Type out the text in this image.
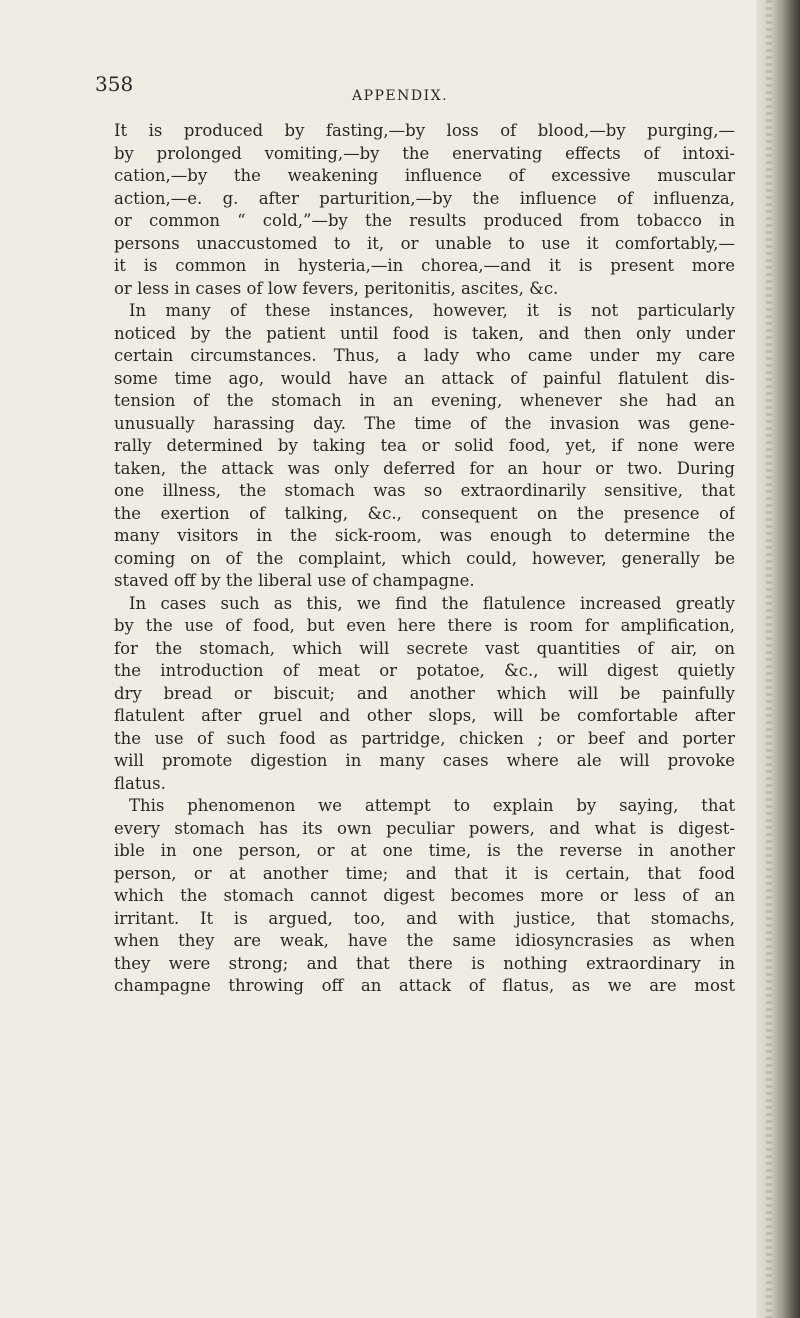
358	APPENDIX.
It is produced by fasting,—by loss of blood,—by purging,—
by prolonged vomiting,—by the enervating effects of intoxi-
cation,—by the weakening influence of excessive muscular
action,—e. g. after parturition,—by the influence of influenza,
or common “ cold,”—by the results produced from tobacco in
persons unaccustomed to it, or unable to use it comfortably,—
it is common in hysteria,—in chorea,—and it is present more
or less in cases of low fevers, peritonitis, ascites, &c.
In many of these instances, however, it is not particularly
noticed by the patient until food is taken, and then only under
certain circumstances. Thus, a lady who came under my care
some time ago, would have an attack of painful flatulent dis-
tension of the stomach in an evening, whenever she had an
unusually harassing day. The time of the invasion was gene-
rally determined by taking tea or solid food, yet, if none were
taken, the attack was only deferred for an hour or two. During
one illness, the stomach was so extraordinarily sensitive, that
the exertion of talking, &c., consequent on the presence of
many visitors in the sick-room, was enough to determine the
coming on of the complaint, which could, however, generally be
staved off by the liberal use of champagne.
In cases such as this, we find the flatulence increased greatly
by the use of food, but even here there is room for amplification,
for the stomach, which will secrete vast quantities of air, on
the introduction of meat or potatoe, &c., will digest quietly
dry bread or biscuit; and another which will be painfully
flatulent after gruel and other slops, will be comfortable after
the use of such food as partridge, chicken ; or beef and porter
will promote digestion in many cases where ale will provoke
flatus.
This phenomenon we attempt to explain by saying, that
every stomach has its own peculiar powers, and what is digest-
ible in one person, or at one time, is the reverse in another
person, or at another time; and that it is certain, that food
which the stomach cannot digest becomes more or less of an
irritant. It is argued, too, and with justice, that stomachs,
when they are weak, have the same idiosyncrasies as when
they were strong; and that there is nothing extraordinary in
champagne throwing off an attack of flatus, as we are most
